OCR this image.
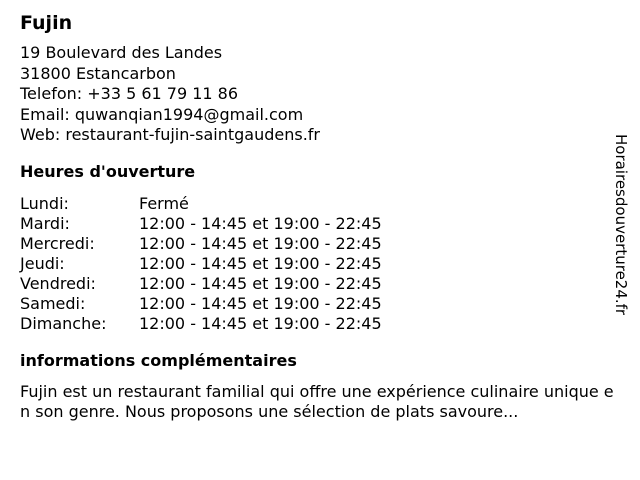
Fujin
19 Boulevard des Landes
31800 Estancarbon
Telefon: +33 5 61 79 11 86
Email: quwanqian1994@gmail.com
Web: restaurant-fujin-saintgaudens.fr
Heures d'ouverture
Lundi:	Fermé
Mardi:	12:00 - 14:45 et 19:00 - 22:45
Mercredi:	12:00 - 14:45 et 19:00 - 22:45
Jeudi:	12:00 - 14:45 et 19:00 - 22:45
Vendredi:	12:00 - 14:45 et 19:00 - 22:45
Samedi:	12:00 - 14:45 et 19:00 - 22:45
Dimanche:	12:00 - 14:45 et 19:00 - 22:45
informations complémentaires
Fujin est un restaurant familial qui offre une expérience culinaire unique en son genre. Nous proposons une sélection de plats savoure...
Horairesdouverture24.fr
